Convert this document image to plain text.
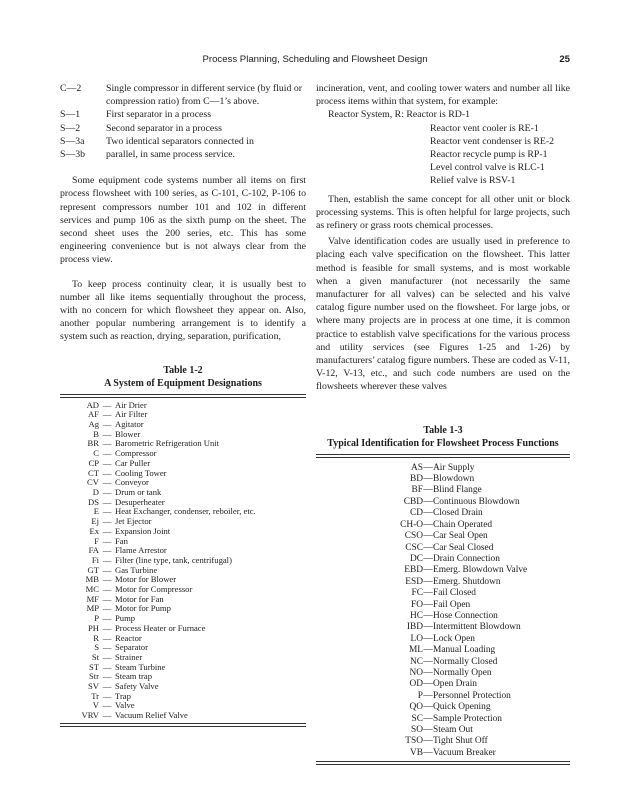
Process Planning, Scheduling and Flowsheet Design	25
C—2	Single compressor in different service (by fluid or compression ratio) from C—1’s above.
S—1	First separator in a process
S—2	Second separator in a process
S—3a	Two identical separators connected in
S—3b	parallel, in same process service.

Some equipment code systems number all items on first process flowsheet with 100 series, as C-101, C-102, P-106 to represent compressors number 101 and 102 in different services and pump 106 as the sixth pump on the sheet. The second sheet uses the 200 series, etc. This has some engineering convenience but is not always clear from the process view.

To keep process continuity clear, it is usually best to number all like items sequentially throughout the process, with no concern for which flowsheet they appear on. Also, another popular numbering arrangement is to identify a system such as reaction, drying, separation, purification,

Table 1-2
A System of Equipment Designations
AD — Air Drier
AF — Air Filter
Ag — Agitator
B — Blower
BR — Barometric Refrigeration Unit
C — Compressor
CP — Car Puller
CT — Cooling Tower
CV — Conveyor
D — Drum or tank
DS — Desuperheater
E — Heat Exchanger, condenser, reboiler, etc.
Ej — Jet Ejector
Ex — Expansion Joint
F — Fan
FA — Flame Arrestor
Fi — Filter (line type, tank, centrifugal)
GT — Gas Turbine
MB — Motor for Blower
MC — Motor for Compressor
MF — Motor for Fan
MP — Motor for Pump
P — Pump
PH — Process Heater or Furnace
R — Reactor
S — Separator
St — Strainer
ST — Steam Turbine
Str — Steam trap
SV — Safety Valve
Tr — Trap
V — Valve
VRV — Vacuum Relief Valve

incineration, vent, and cooling tower waters and number all like process items within that system, for example:

Reactor System, R: Reactor is RD-1

Reactor vent cooler is RE-1

Reactor vent condenser is RE-2

Reactor recycle pump is RP-1

Level control valve is RLC-1

Relief valve is RSV-1

Then, establish the same concept for all other unit or block processing systems. This is often helpful for large projects, such as refinery or grass roots chemical processes.

Valve identification codes are usually used in preference to placing each valve specification on the flowsheet. This latter method is feasible for small systems, and is most workable when a given manufacturer (not necessarily the same manufacturer for all valves) can be selected and his valve catalog figure number used on the flowsheet. For large jobs, or where many projects are in process at one time, it is common practice to establish valve specifications for the various process and utility services (see Figures 1-25 and 1-26) by manufacturers’ catalog figure numbers. These are coded as V-11, V-12, V-13, etc., and such code numbers are used on the flowsheets wherever these valves

Table 1-3
Typical Identification for Flowsheet Process Functions
AS — Air Supply
BD — Blowdown
BF — Blind Flange
CBD — Continuous Blowdown
CD — Closed Drain
CH-O — Chain Operated
CSO — Car Seal Open
CSC — Car Seal Closed
DC — Drain Connection
EBD — Emerg. Blowdown Valve
ESD — Emerg. Shutdown
FC — Fail Closed
FO — Fail Open
HC — Hose Connection
IBD — Intermittent Blowdown
LO — Lock Open
ML — Manual Loading
NC — Normally Closed
NO — Normally Open
OD — Open Drain
P — Personnel Protection
QO — Quick Opening
SC — Sample Protection
SO — Steam Out
TSO — Tight Shut Off
VB — Vacuum Breaker
